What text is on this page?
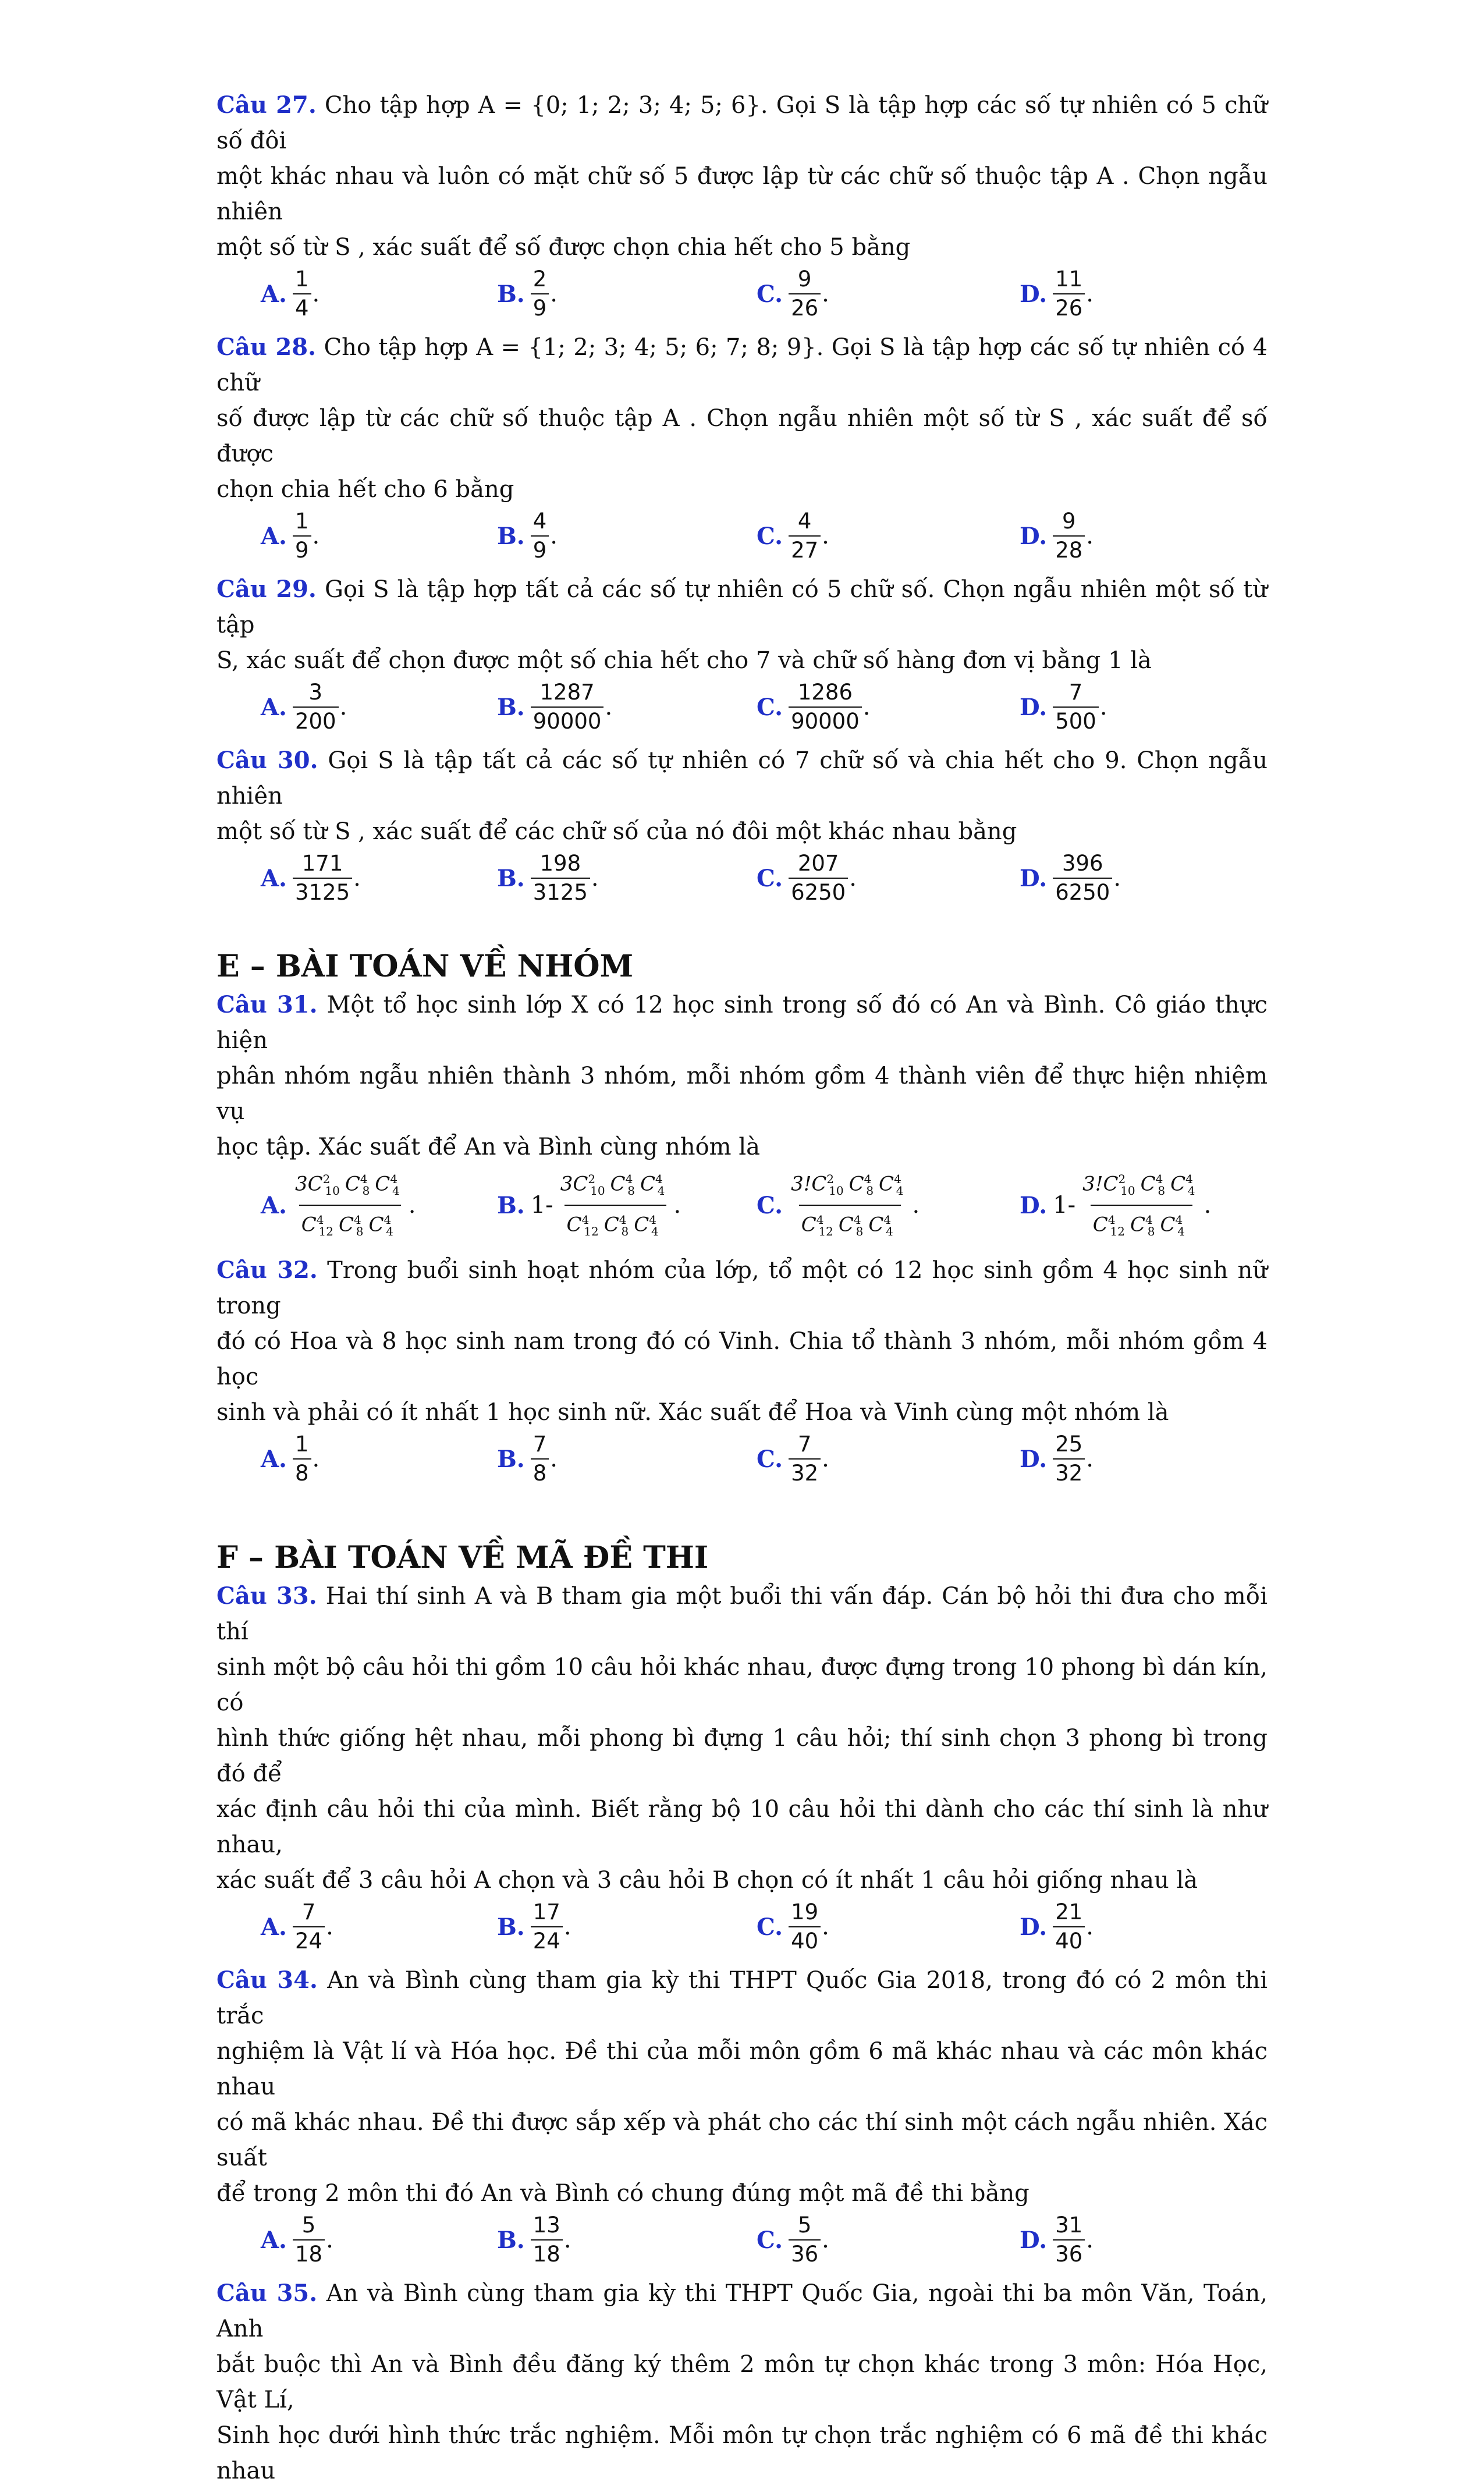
Câu 27. Cho tập hợp A = {0; 1; 2; 3; 4; 5; 6}. Gọi S là tập hợp các số tự nhiên có 5 chữ số đôi

một khác nhau và luôn có mặt chữ số 5 được lập từ các chữ số thuộc tập A . Chọn ngẫu nhiên

một số từ S , xác suất để số được chọn chia hết cho 5 bằng

A. $\frac{1}{4}$ .	B. $\frac{2}{9}$ .	C. $\frac{9}{26}$ .	D. $\frac{11}{26}$ .

Câu 28. Cho tập hợp A = {1; 2; 3; 4; 5; 6; 7; 8; 9}. Gọi S là tập hợp các số tự nhiên có 4 chữ

số được lập từ các chữ số thuộc tập A . Chọn ngẫu nhiên một số từ S , xác suất để số được

chọn chia hết cho 6 bằng

A. $\frac{1}{9}$ .	B. $\frac{4}{9}$ .	C. $\frac{4}{27}$ .	D. $\frac{9}{28}$ .

Câu 29. Gọi S là tập hợp tất cả các số tự nhiên có 5 chữ số. Chọn ngẫu nhiên một số từ tập

S, xác suất để chọn được một số chia hết cho 7 và chữ số hàng đơn vị bằng 1 là

A. $\frac{3}{200}$ .	B. $\frac{1287}{90000}$ .	C. $\frac{1286}{90000}$ .	D. $\frac{7}{500}$ .

Câu 30. Gọi S là tập tất cả các số tự nhiên có 7 chữ số và chia hết cho 9. Chọn ngẫu nhiên

một số từ S , xác suất để các chữ số của nó đôi một khác nhau bằng

A. $\frac{171}{3125}$ .	B. $\frac{198}{3125}$ .	C. $\frac{207}{6250}$ .	D. $\frac{396}{6250}$ .
E – BÀI TOÁN VỀ NHÓM

Câu 31. Một tổ học sinh lớp X có 12 học sinh trong số đó có An và Bình. Cô giáo thực hiện

phân nhóm ngẫu nhiên thành 3 nhóm, mỗi nhóm gồm 4 thành viên để thực hiện nhiệm vụ

học tập. Xác suất để An và Bình cùng nhóm là

A. $\frac{3C^2_{10} C^4_8 C^4_4}{C^4_{12} C^4_8 C^4_4}$ .	B. $1- \frac{3C^2_{10} C^4_8 C^4_4}{C^4_{12} C^4_8 C^4_4}$ .	C. $\frac{3!C^2_{10} C^4_8 C^4_4}{C^4_{12} C^4_8 C^4_4}$ .	D. $1- \frac{3!C^2_{10} C^4_8 C^4_4}{C^4_{12} C^4_8 C^4_4}$ .

Câu 32. Trong buổi sinh hoạt nhóm của lớp, tổ một có 12 học sinh gồm 4 học sinh nữ trong

đó có Hoa và 8 học sinh nam trong đó có Vinh. Chia tổ thành 3 nhóm, mỗi nhóm gồm 4 học

sinh và phải có ít nhất 1 học sinh nữ. Xác suất để Hoa và Vinh cùng một nhóm là

A. $\frac{1}{8}$ .	B. $\frac{7}{8}$ .	C. $\frac{7}{32}$ .	D. $\frac{25}{32}$ .
F – BÀI TOÁN VỀ MÃ ĐỀ THI

Câu 33. Hai thí sinh A và B tham gia một buổi thi vấn đáp. Cán bộ hỏi thi đưa cho mỗi thí

sinh một bộ câu hỏi thi gồm 10 câu hỏi khác nhau, được đựng trong 10 phong bì dán kín, có

hình thức giống hệt nhau, mỗi phong bì đựng 1 câu hỏi; thí sinh chọn 3 phong bì trong đó để

xác định câu hỏi thi của mình. Biết rằng bộ 10 câu hỏi thi dành cho các thí sinh là như nhau,

xác suất để 3 câu hỏi A chọn và 3 câu hỏi B chọn có ít nhất 1 câu hỏi giống nhau là

A. $\frac{7}{24}$ .	B. $\frac{17}{24}$ .	C. $\frac{19}{40}$ .	D. $\frac{21}{40}$ .

Câu 34. An và Bình cùng tham gia kỳ thi THPT Quốc Gia 2018, trong đó có 2 môn thi trắc

nghiệm là Vật lí và Hóa học. Đề thi của mỗi môn gồm 6 mã khác nhau và các môn khác nhau

có mã khác nhau. Đề thi được sắp xếp và phát cho các thí sinh một cách ngẫu nhiên. Xác suất

để trong 2 môn thi đó An và Bình có chung đúng một mã đề thi bằng

A. $\frac{5}{18}$ .	B. $\frac{13}{18}$ .	C. $\frac{5}{36}$ .	D. $\frac{31}{36}$ .

Câu 35. An và Bình cùng tham gia kỳ thi THPT Quốc Gia, ngoài thi ba môn Văn, Toán, Anh

bắt buộc thì An và Bình đều đăng ký thêm 2 môn tự chọn khác trong 3 môn: Hóa Học, Vật Lí,

Sinh học dưới hình thức trắc nghiệm. Mỗi môn tự chọn trắc nghiệm có 6 mã đề thi khác nhau
